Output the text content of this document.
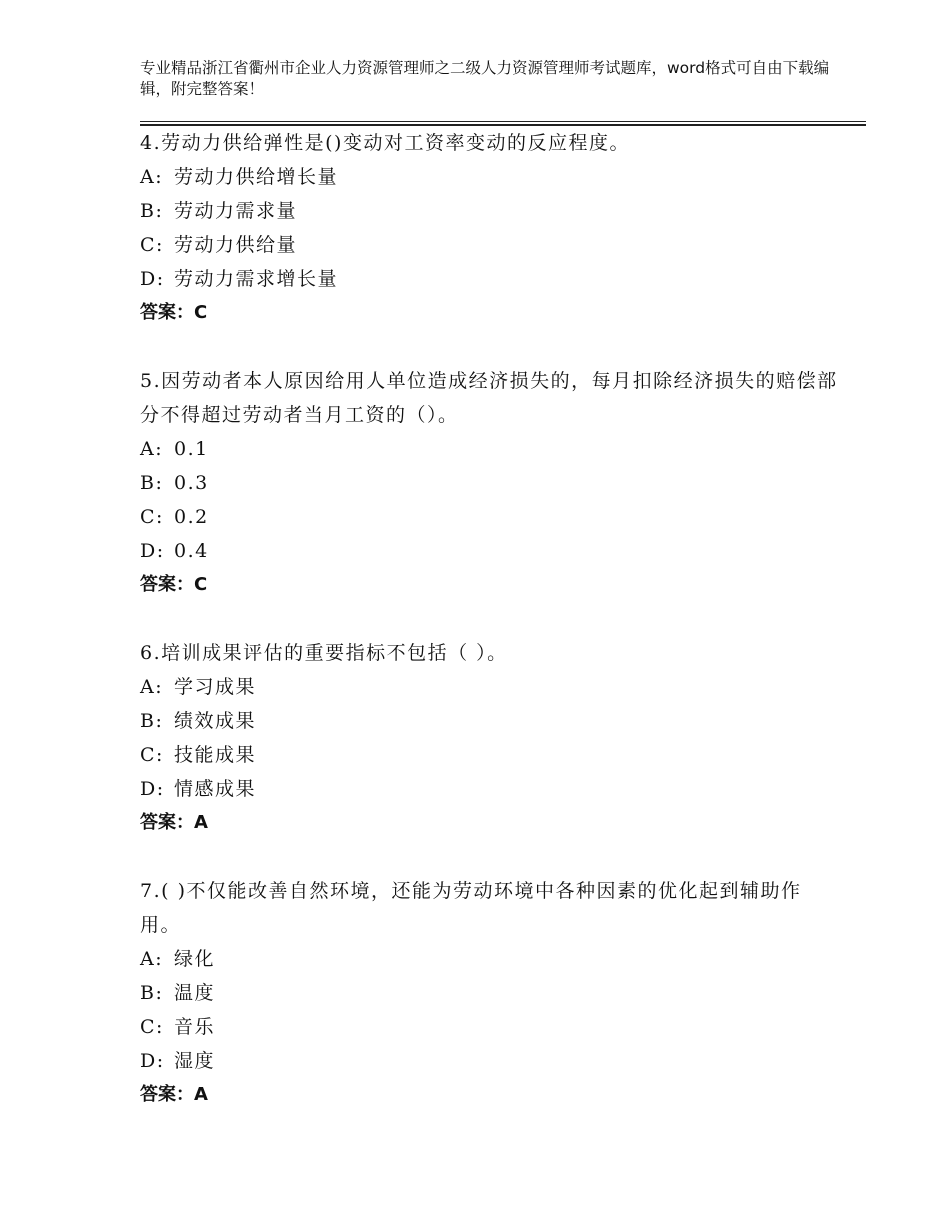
专业精品浙江省衢州市企业人力资源管理师之二级人力资源管理师考试题库，word格式可自由下载编辑，附完整答案！

4.劳动力供给弹性是()变动对工资率变动的反应程度。

A: 劳动力供给增长量

B: 劳动力需求量

C: 劳动力供给量

D: 劳动力需求增长量

答案：C

5.因劳动者本人原因给用人单位造成经济损失的，每月扣除经济损失的赔偿部分不得超过劳动者当月工资的（）。

A: 0.1

B: 0.3

C: 0.2

D: 0.4

答案：C

6.培训成果评估的重要指标不包括（ ）。

A: 学习成果

B: 绩效成果

C: 技能成果

D: 情感成果

答案：A

7.( )不仅能改善自然环境，还能为劳动环境中各种因素的优化起到辅助作用。

A: 绿化

B: 温度

C: 音乐

D: 湿度

答案：A
